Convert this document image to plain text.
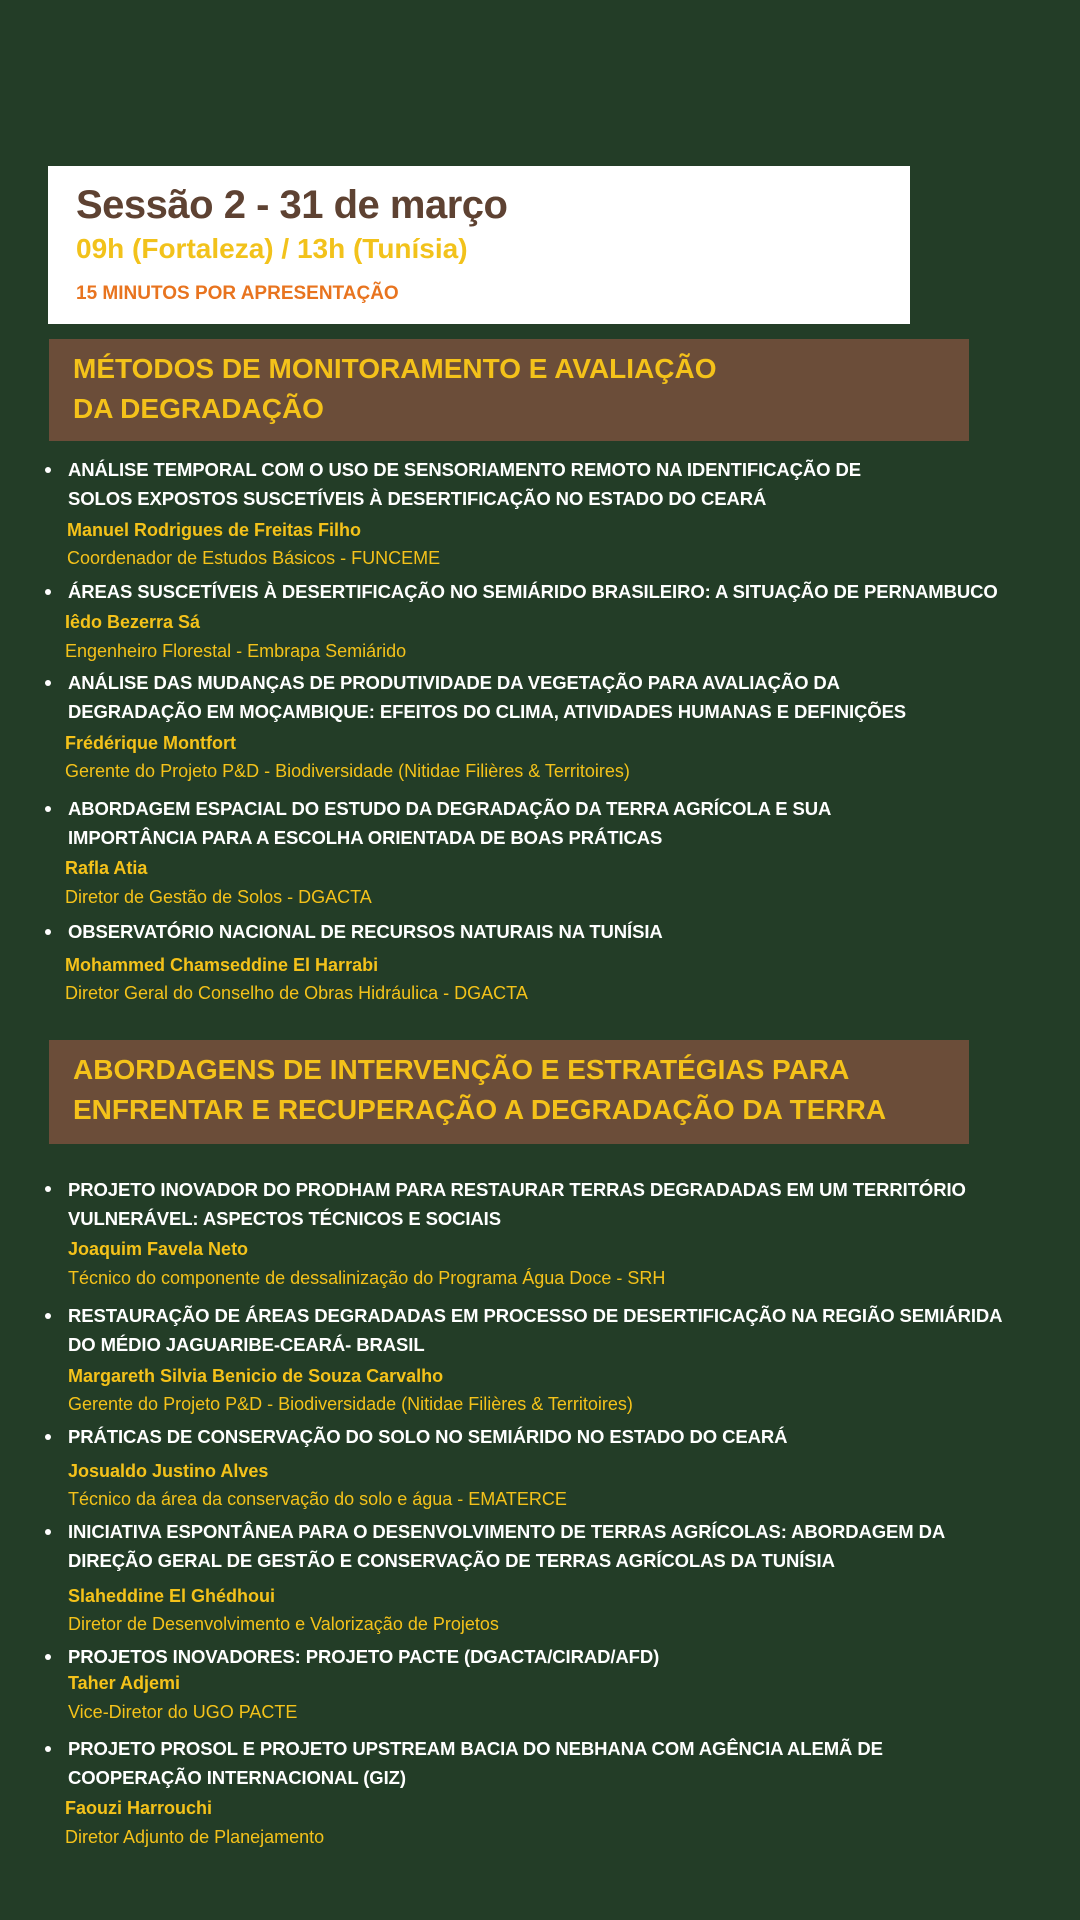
Sessão 2 - 31 de março
09h (Fortaleza) / 13h (Tunísia)
15 MINUTOS POR APRESENTAÇÃO
MÉTODOS DE MONITORAMENTO E AVALIAÇÃO
DA DEGRADAÇÃO
ANÁLISE TEMPORAL COM O USO DE SENSORIAMENTO REMOTO NA IDENTIFICAÇÃO DE
SOLOS EXPOSTOS SUSCETÍVEIS À DESERTIFICAÇÃO NO ESTADO DO CEARÁ
Manuel Rodrigues de Freitas Filho
Coordenador de Estudos Básicos - FUNCEME
ÁREAS SUSCETÍVEIS À DESERTIFICAÇÃO NO SEMIÁRIDO BRASILEIRO: A SITUAÇÃO DE PERNAMBUCO
Iêdo Bezerra Sá
Engenheiro Florestal - Embrapa Semiárido
ANÁLISE DAS MUDANÇAS DE PRODUTIVIDADE DA VEGETAÇÃO PARA AVALIAÇÃO DA
DEGRADAÇÃO EM MOÇAMBIQUE: EFEITOS DO CLIMA, ATIVIDADES HUMANAS E DEFINIÇÕES
Frédérique Montfort
Gerente do Projeto P&D - Biodiversidade (Nitidae Filières & Territoires)
ABORDAGEM ESPACIAL DO ESTUDO DA DEGRADAÇÃO DA TERRA AGRÍCOLA E SUA
IMPORTÂNCIA PARA A ESCOLHA ORIENTADA DE BOAS PRÁTICAS
Rafla Atia
Diretor de Gestão de Solos - DGACTA
OBSERVATÓRIO NACIONAL DE RECURSOS NATURAIS NA TUNÍSIA
Mohammed Chamseddine El Harrabi
Diretor Geral do Conselho de Obras Hidráulica - DGACTA
ABORDAGENS DE INTERVENÇÃO E ESTRATÉGIAS PARA
ENFRENTAR E RECUPERAÇÃO A DEGRADAÇÃO DA TERRA
PROJETO INOVADOR DO PRODHAM PARA RESTAURAR TERRAS DEGRADADAS EM UM TERRITÓRIO
VULNERÁVEL: ASPECTOS TÉCNICOS E SOCIAIS
Joaquim Favela Neto
Técnico do componente de dessalinização do Programa Água Doce - SRH
RESTAURAÇÃO DE ÁREAS DEGRADADAS EM PROCESSO DE DESERTIFICAÇÃO NA REGIÃO SEMIÁRIDA
DO MÉDIO JAGUARIBE-CEARÁ- BRASIL
Margareth Silvia Benicio de Souza Carvalho
Gerente do Projeto P&D - Biodiversidade (Nitidae Filières & Territoires)
PRÁTICAS DE CONSERVAÇÃO DO SOLO NO SEMIÁRIDO NO ESTADO DO CEARÁ
Josualdo Justino Alves
Técnico da área da conservação do solo e água - EMATERCE
INICIATIVA ESPONTÂNEA PARA O DESENVOLVIMENTO DE TERRAS AGRÍCOLAS: ABORDAGEM DA
DIREÇÃO GERAL DE GESTÃO E CONSERVAÇÃO DE TERRAS AGRÍCOLAS DA TUNÍSIA
Slaheddine El Ghédhoui
Diretor de Desenvolvimento e Valorização de Projetos
PROJETOS INOVADORES: PROJETO PACTE (DGACTA/CIRAD/AFD)
Taher Adjemi
Vice-Diretor do UGO PACTE
PROJETO PROSOL E PROJETO UPSTREAM BACIA DO NEBHANA COM AGÊNCIA ALEMÃ DE
COOPERAÇÃO INTERNACIONAL (GIZ)
Faouzi Harrouchi
Diretor Adjunto de Planejamento
